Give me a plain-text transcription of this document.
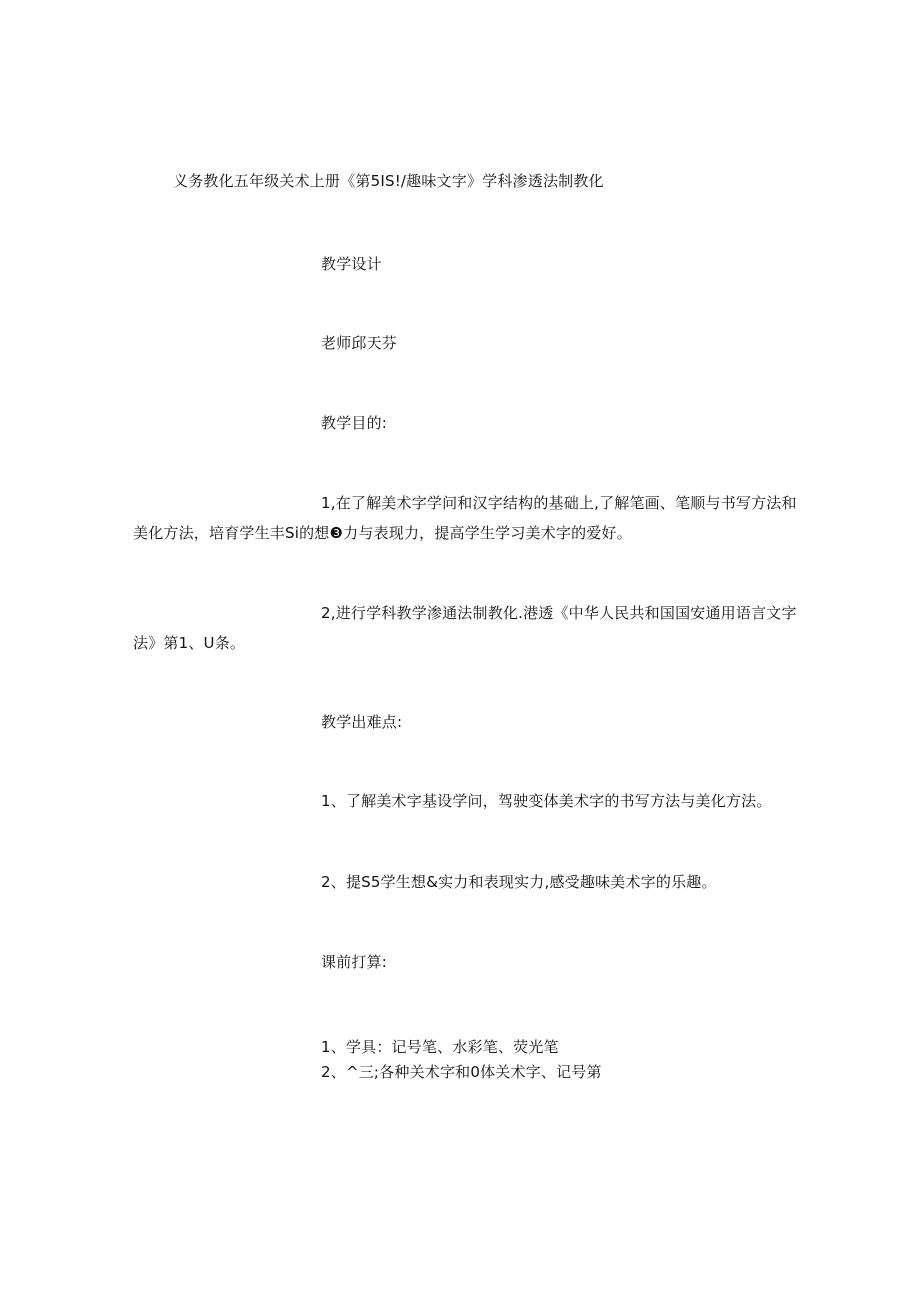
义务教化五年级关术上册《第5IS!/趣味文字》学科渗透法制教化
教学设计
老师邱天芬
教学目的:
1,在了解美术字学问和汉字结构的基础上,了解笔画、笔顺与书写方法和
美化方法，培育学生丰Si的想❸力与表现力，提高学生学习美术字的爱好。
2,进行学科教学渗通法制教化.港透《中华人民共和国国安通用语言文字
法》第1、U条。
教学出难点:
1、了解美术字基设学问，驾驶变体美术字的书写方法与美化方法。
2、提S5学生想&实力和表现实力,感受趣味美术字的乐趣。
课前打算:
1、学具：记号笔、水彩笔、荧光笔
2、^三;各种关术字和0体关术字、记号第
